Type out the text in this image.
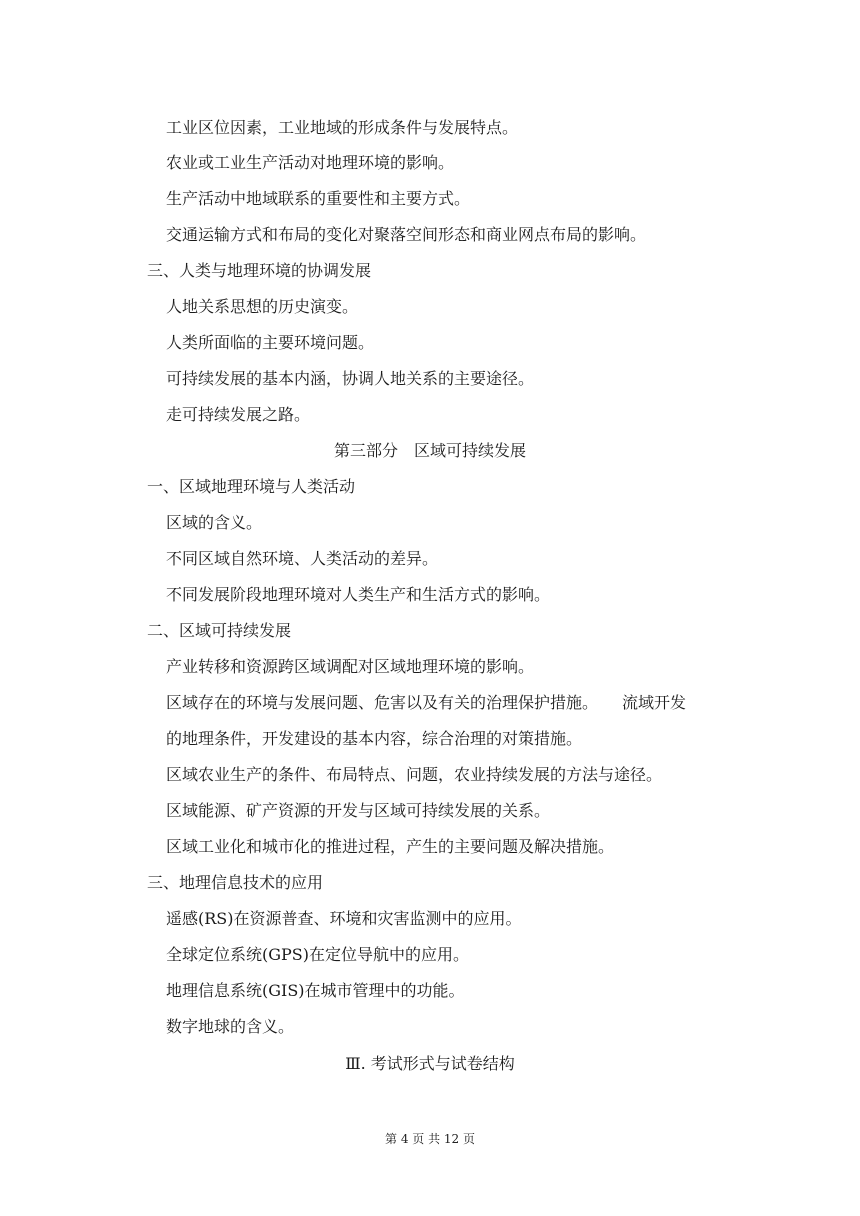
工业区位因素，工业地域的形成条件与发展特点。
农业或工业生产活动对地理环境的影响。
生产活动中地域联系的重要性和主要方式。
交通运输方式和布局的变化对聚落空间形态和商业网点布局的影响。
三、人类与地理环境的协调发展
人地关系思想的历史演变。
人类所面临的主要环境问题。
可持续发展的基本内涵，协调人地关系的主要途径。
走可持续发展之路。
第三部分　区域可持续发展
一、区域地理环境与人类活动
区域的含义。
不同区域自然环境、人类活动的差异。
不同发展阶段地理环境对人类生产和生活方式的影响。
二、区域可持续发展
产业转移和资源跨区域调配对区域地理环境的影响。
区域存在的环境与发展问题、危害以及有关的治理保护措施。　　流域开发
的地理条件，开发建设的基本内容，综合治理的对策措施。
区域农业生产的条件、布局特点、问题，农业持续发展的方法与途径。
区域能源、矿产资源的开发与区域可持续发展的关系。
区域工业化和城市化的推进过程，产生的主要问题及解决措施。
三、地理信息技术的应用
遥感(RS)在资源普查、环境和灾害监测中的应用。
全球定位系统(GPS)在定位导航中的应用。
地理信息系统(GIS)在城市管理中的功能。
数字地球的含义。
Ⅲ. 考试形式与试卷结构
第 4 页 共 12 页
